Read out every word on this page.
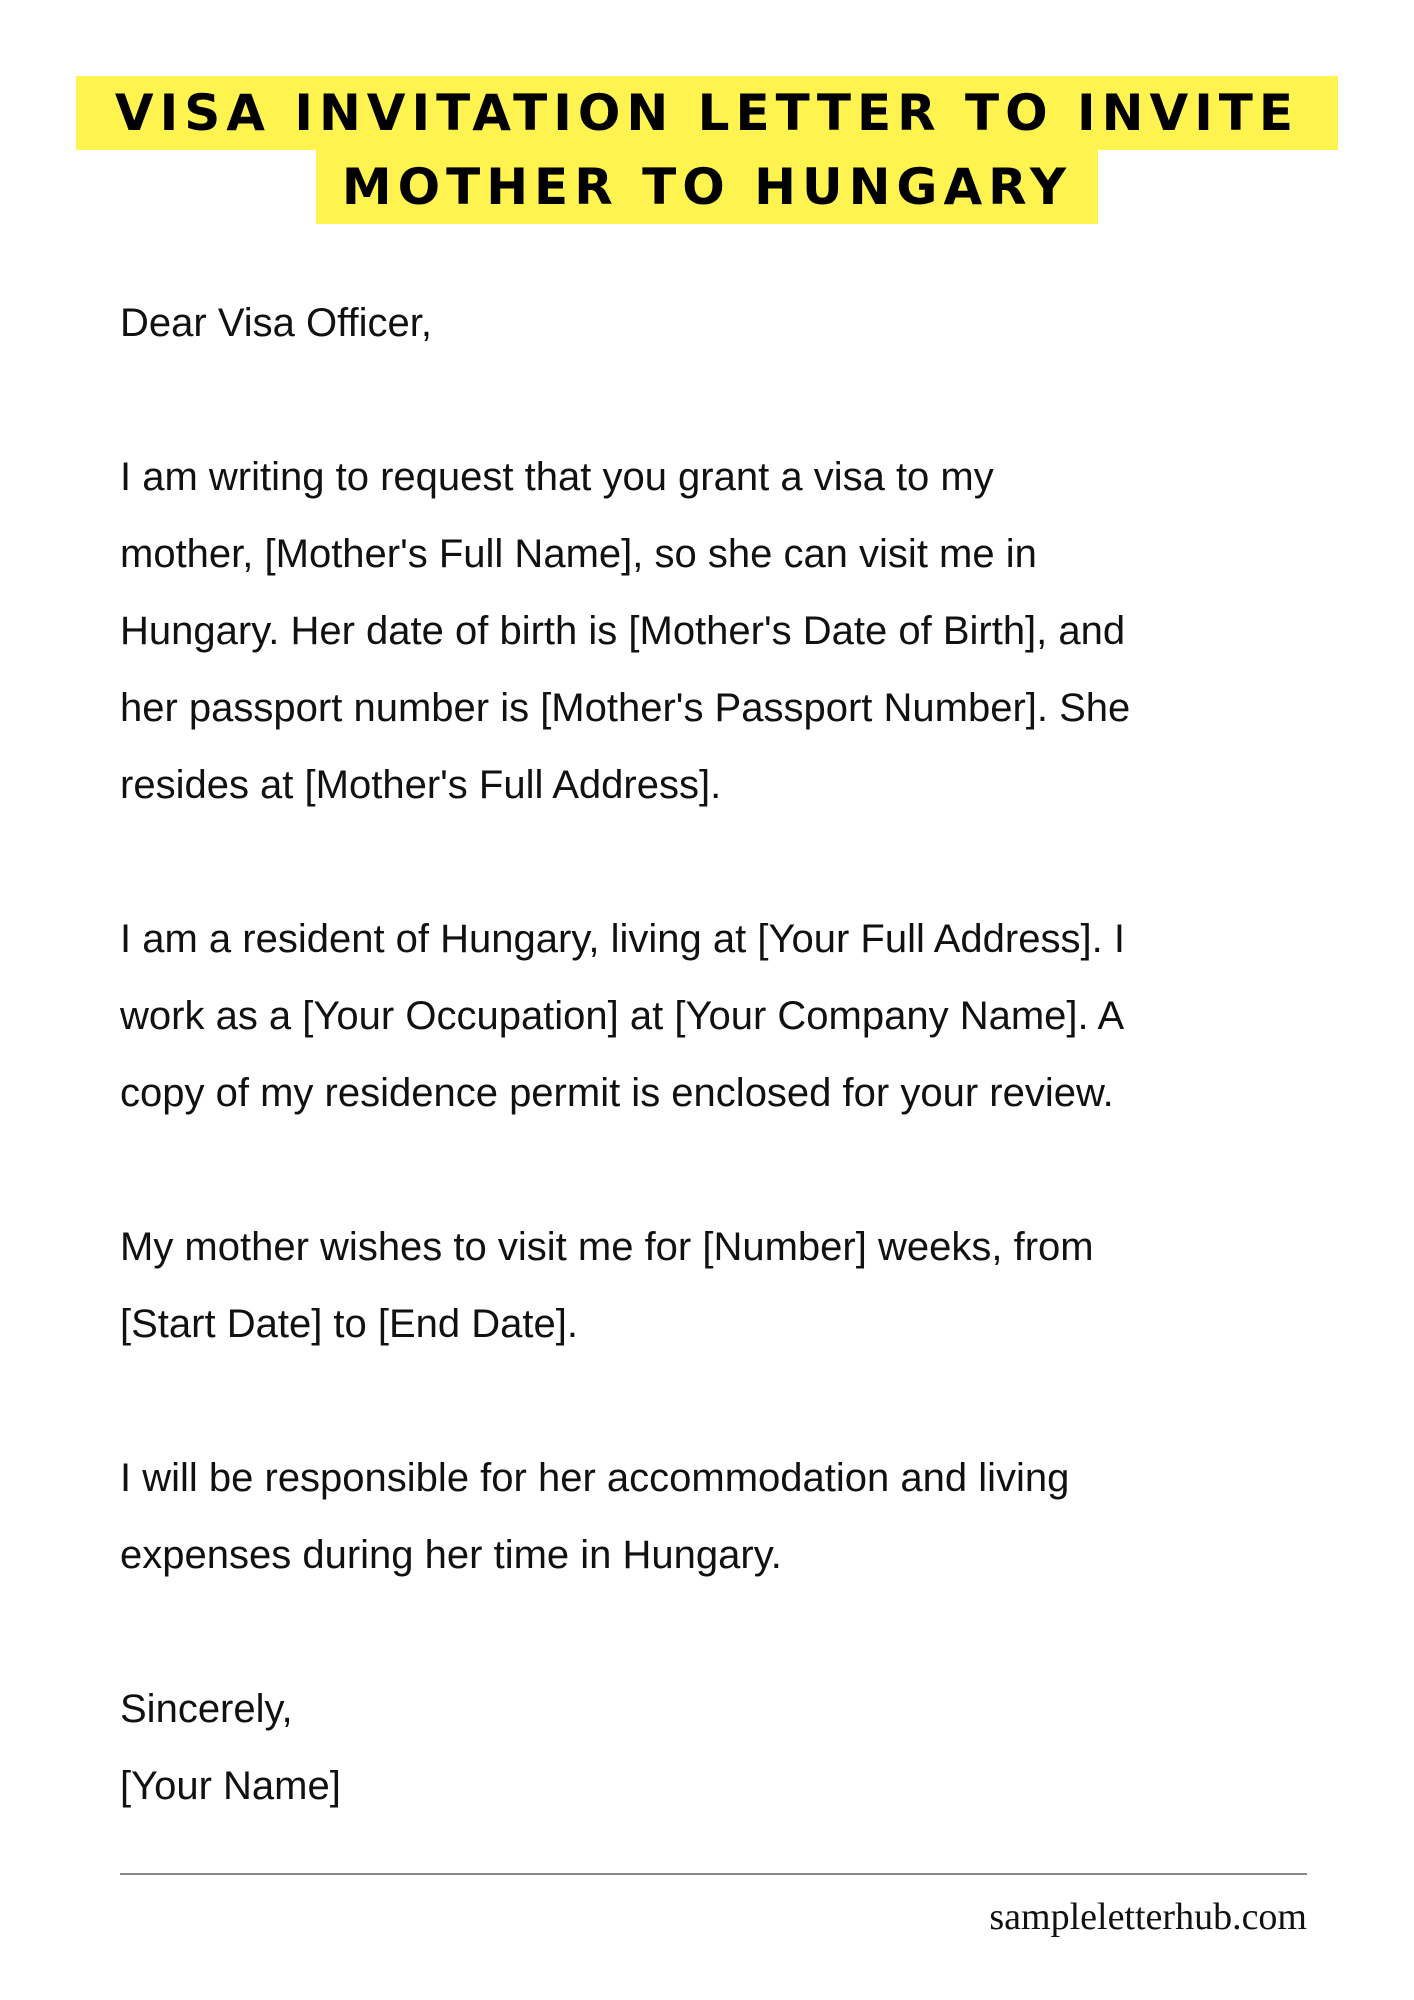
VISA INVITATION LETTER TO INVITE
MOTHER TO HUNGARY

Dear Visa Officer,

I am writing to request that you grant a visa to my
mother, [Mother's Full Name], so she can visit me in
Hungary. Her date of birth is [Mother's Date of Birth], and
her passport number is [Mother's Passport Number]. She
resides at [Mother's Full Address].

I am a resident of Hungary, living at [Your Full Address]. I
work as a [Your Occupation] at [Your Company Name]. A
copy of my residence permit is enclosed for your review.

My mother wishes to visit me for [Number] weeks, from
[Start Date] to [End Date].

I will be responsible for her accommodation and living
expenses during her time in Hungary.

Sincerely,
[Your Name]

sampleletterhub.com
